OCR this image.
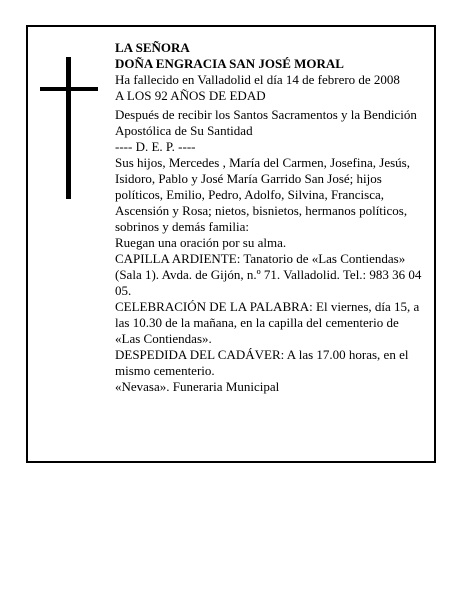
LA SEÑORA

DOÑA ENGRACIA SAN JOSÉ MORAL

Ha fallecido en Valladolid el día 14 de febrero de 2008

A LOS 92 AÑOS DE EDAD

Después de recibir los Santos Sacramentos y la Bendición Apostólica de Su Santidad

---- D. E. P. ----

Sus hijos, Mercedes , María del Carmen, Josefina, Jesús, Isidoro, Pablo y José María Garrido San José; hijos políticos, Emilio, Pedro, Adolfo, Silvina, Francisca, Ascensión y Rosa; nietos, bisnietos, hermanos políticos, sobrinos y demás familia:

Ruegan una oración por su alma.

CAPILLA ARDIENTE: Tanatorio de «Las Contiendas» (Sala 1). Avda. de Gijón, n.º 71. Valladolid. Tel.: 983 36 04 05.

CELEBRACIÓN DE LA PALABRA: El viernes, día 15, a las 10.30 de la mañana, en la capilla del cementerio de «Las Contiendas».

DESPEDIDA DEL CADÁVER: A las 17.00 horas, en el mismo cementerio.

«Nevasa». Funeraria Municipal
